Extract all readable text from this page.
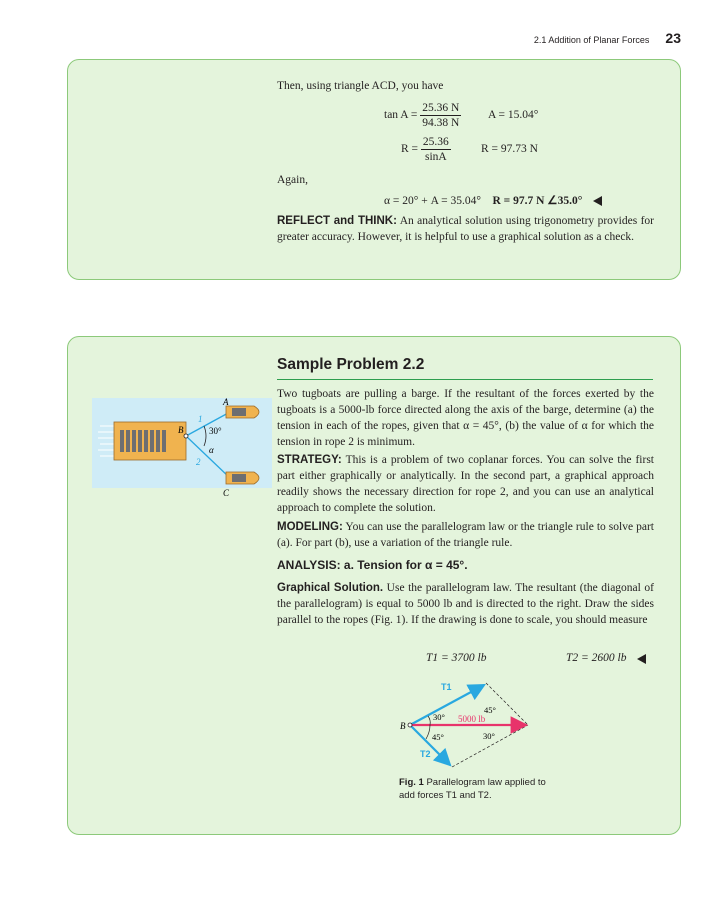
2.1 Addition of Planar Forces 23
Then, using triangle ACD, you have
$\tan A = \frac{25.36 N}{94.38 N}$ A = 15.04°
$R = \frac{25.36}{\sin A}$	R = 97.73 N
Again,
α = 20° + A = 35.04° R = 97.7 N ∠35.0°
REFLECT and THINK: An analytical solution using trigonometry provides for greater accuracy. However, it is helpful to use a graphical solution as a check.
Sample Problem 2.2
Two tugboats are pulling a barge. If the resultant of the forces exerted by the tugboats is a 5000-lb force directed along the axis of the barge, determine (a) the tension in each of the ropes, given that α = 45°, (b) the value of α for which the tension in rope 2 is minimum.
STRATEGY: This is a problem of two coplanar forces. You can solve the first part either graphically or analytically. In the second part, a graphical approach readily shows the necessary direction for rope 2, and you can use an analytical approach to complete the solution.
MODELING: You can use the parallelogram law or the triangle rule to solve part (a). For part (b), use a variation of the triangle rule.
ANALYSIS: a. Tension for α = 45°.
Graphical Solution. Use the parallelogram law. The resultant (the diagonal of the parallelogram) is equal to 5000 lb and is directed to the right. Draw the sides parallel to the ropes (Fig. 1). If the drawing is done to scale, you should measure
T1 = 3700 lb	T2 = 2600 lb
A
B
C
1
2
30°
α
T1
T2
B
5000 lb
30°
45°
45°	30°
Fig. 1 Parallelogram law applied to add forces T1 and T2.
